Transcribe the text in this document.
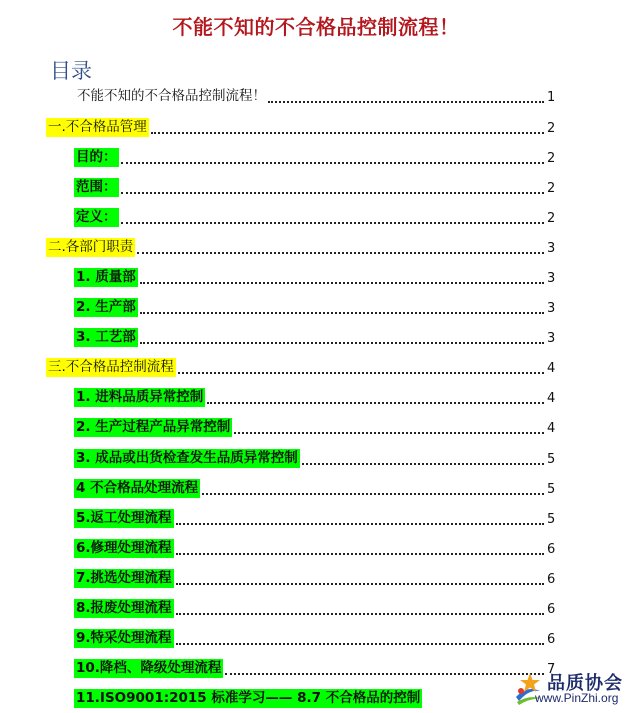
不能不知的不合格品控制流程！
目录
不能不知的不合格品控制流程！	1
一.不合格品管理	2
目的：	2
范围：	2
定义：	2
二.各部门职责	3
1. 质量部	3
2. 生产部	3
3. 工艺部	3
三.不合格品控制流程	4
1. 进料品质异常控制	4
2. 生产过程产品异常控制	4
3. 成品或出货检查发生品质异常控制	5
4 不合格品处理流程	5
5.返工处理流程	5
6.修理处理流程	6
7.挑选处理流程	6
8.报废处理流程	6
9.特采处理流程	6
10.降档、降级处理流程	7
11.ISO9001:2015 标准学习—— 8.7 不合格品的控制
品质协会
www.PinZhi.org
